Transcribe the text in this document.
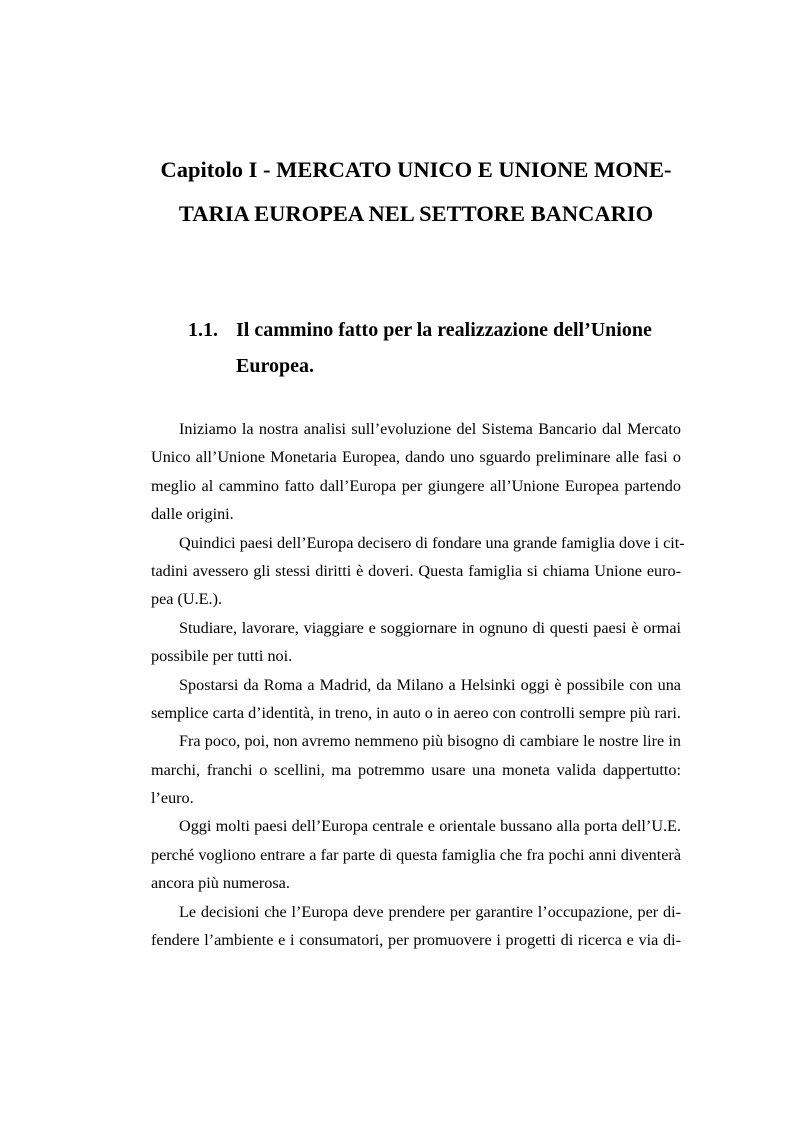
Capitolo I - MERCATO UNICO E UNIONE MONE-
TARIA EUROPEA NEL SETTORE BANCARIO
1.1. Il cammino fatto per la realizzazione dell’Unione
Europea.
Iniziamo la nostra analisi sull’evoluzione del Sistema Bancario dal Mercato
Unico all’Unione Monetaria Europea, dando uno sguardo preliminare alle fasi o
meglio al cammino fatto dall’Europa per giungere all’Unione Europea partendo
dalle origini.
Quindici paesi dell’Europa decisero di fondare una grande famiglia dove i cit-
tadini avessero gli stessi diritti è doveri. Questa famiglia si chiama Unione euro-
pea (U.E.).
Studiare, lavorare, viaggiare e soggiornare in ognuno di questi paesi è ormai
possibile per tutti noi.
Spostarsi da Roma a Madrid, da Milano a Helsinki oggi è possibile con una
semplice carta d’identità, in treno, in auto o in aereo con controlli sempre più rari.
Fra poco, poi, non avremo nemmeno più bisogno di cambiare le nostre lire in
marchi, franchi o scellini, ma potremmo usare una moneta valida dappertutto:
l’euro.
Oggi molti paesi dell’Europa centrale e orientale bussano alla porta dell’U.E.
perché vogliono entrare a far parte di questa famiglia che fra pochi anni diventerà
ancora più numerosa.
Le decisioni che l’Europa deve prendere per garantire l’occupazione, per di-
fendere l’ambiente e i consumatori, per promuovere i progetti di ricerca e via di-
